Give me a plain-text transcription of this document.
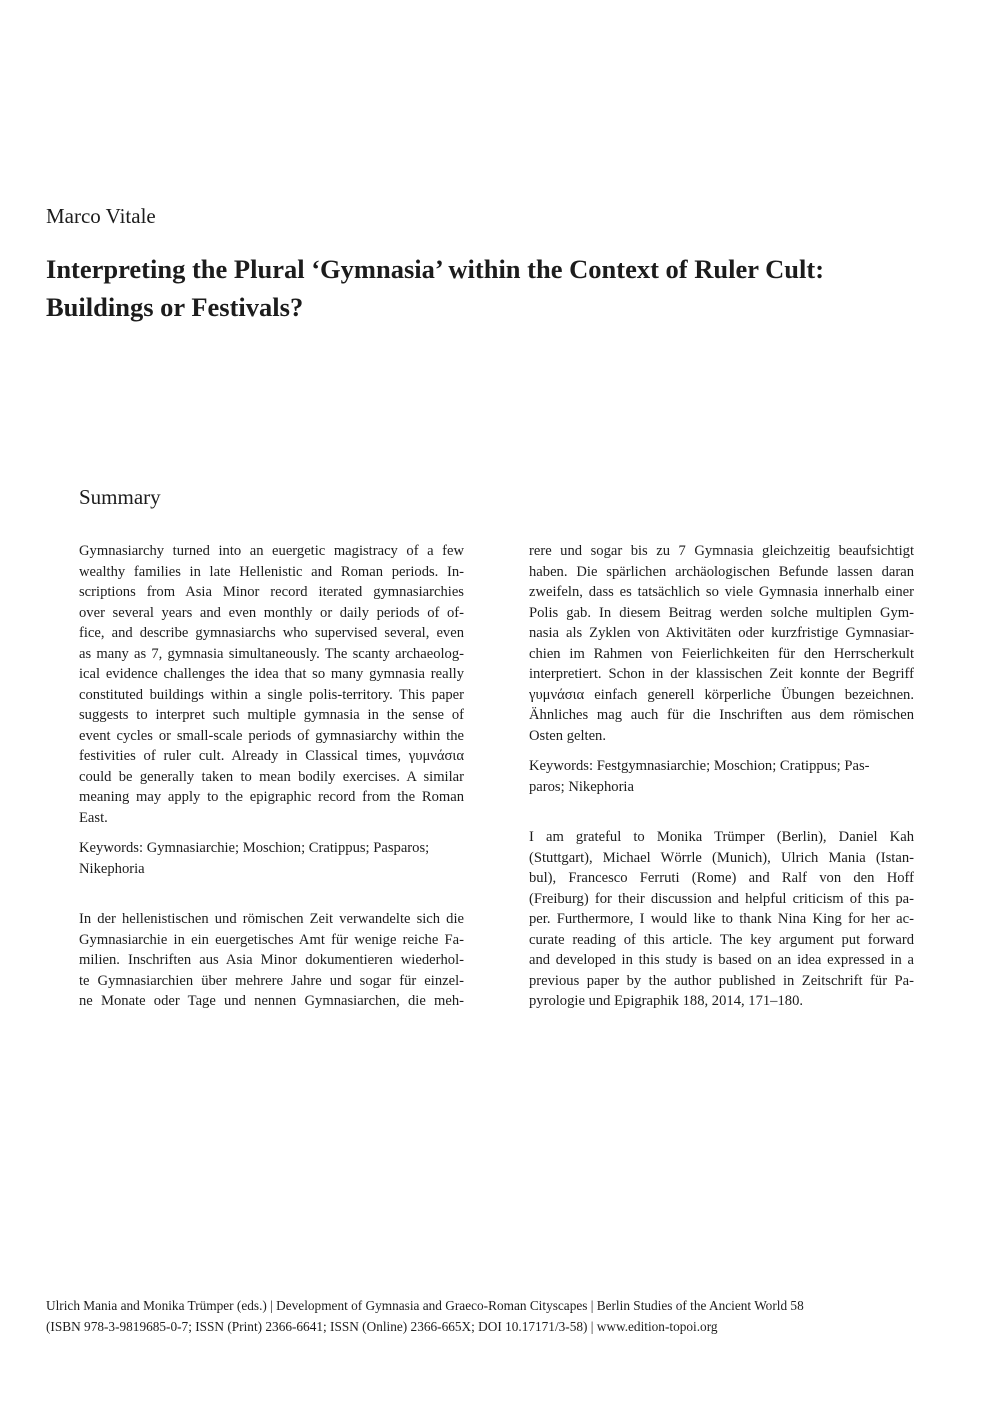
Marco Vitale
Interpreting the Plural ‘Gymnasia’ within the Context of Ruler Cult:
Buildings or Festivals?
Summary
Gymnasiarchy turned into an euergetic magistracy of a few
wealthy families in late Hellenistic and Roman periods. In-
scriptions from Asia Minor record iterated gymnasiarchies
over several years and even monthly or daily periods of of-
fice, and describe gymnasiarchs who supervised several, even
as many as 7, gymnasia simultaneously. The scanty archaeolog-
ical evidence challenges the idea that so many gymnasia really
constituted buildings within a single polis-territory. This paper
suggests to interpret such multiple gymnasia in the sense of
event cycles or small-scale periods of gymnasiarchy within the
festivities of ruler cult. Already in Classical times, γυμνάσια
could be generally taken to mean bodily exercises. A similar
meaning may apply to the epigraphic record from the Roman
East.
Keywords: Gymnasiarchie; Moschion; Cratippus; Pasparos;
Nikephoria
In der hellenistischen und römischen Zeit verwandelte sich die
Gymnasiarchie in ein euergetisches Amt für wenige reiche Fa-
milien. Inschriften aus Asia Minor dokumentieren wiederhol-
te Gymnasiarchien über mehrere Jahre und sogar für einzel-
ne Monate oder Tage und nennen Gymnasiarchen, die meh-
rere und sogar bis zu 7 Gymnasia gleichzeitig beaufsichtigt
haben. Die spärlichen archäologischen Befunde lassen daran
zweifeln, dass es tatsächlich so viele Gymnasia innerhalb einer
Polis gab. In diesem Beitrag werden solche multiplen Gym-
nasia als Zyklen von Aktivitäten oder kurzfristige Gymnasiar-
chien im Rahmen von Feierlichkeiten für den Herrscherkult
interpretiert. Schon in der klassischen Zeit konnte der Begriff
γυμνάσια einfach generell körperliche Übungen bezeichnen.
Ähnliches mag auch für die Inschriften aus dem römischen
Osten gelten.
Keywords: Festgymnasiarchie; Moschion; Cratippus; Pas-
paros; Nikephoria
I am grateful to Monika Trümper (Berlin), Daniel Kah
(Stuttgart), Michael Wörrle (Munich), Ulrich Mania (Istan-
bul), Francesco Ferruti (Rome) and Ralf von den Hoff
(Freiburg) for their discussion and helpful criticism of this pa-
per. Furthermore, I would like to thank Nina King for her ac-
curate reading of this article. The key argument put forward
and developed in this study is based on an idea expressed in a
previous paper by the author published in Zeitschrift für Pa-
pyrologie und Epigraphik 188, 2014, 171–180.
Ulrich Mania and Monika Trümper (eds.) | Development of Gymnasia and Graeco-Roman Cityscapes | Berlin Studies of the Ancient World 58
(ISBN 978-3-9819685-0-7; ISSN (Print) 2366-6641; ISSN (Online) 2366-665X; DOI 10.17171/3-58) | www.edition-topoi.org
